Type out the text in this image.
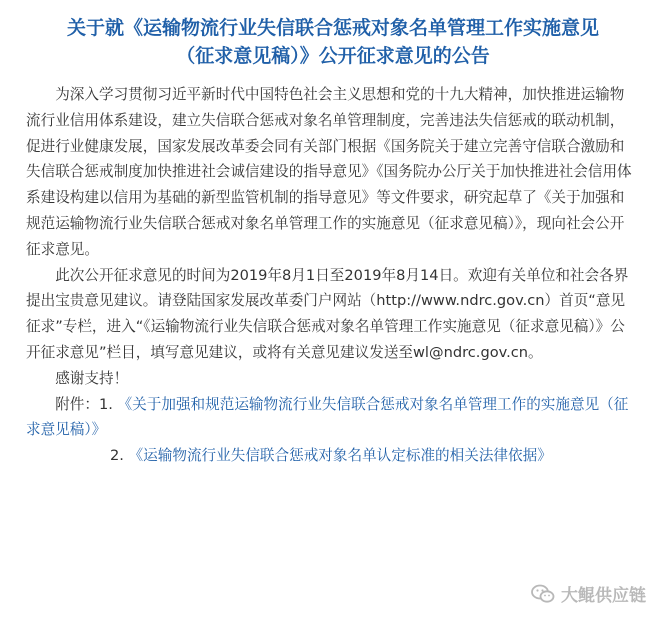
关于就《运输物流行业失信联合惩戒对象名单管理工作实施意见
（征求意见稿）》公开征求意见的公告

为深入学习贯彻习近平新时代中国特色社会主义思想和党的十九大精神，加快推进运输物流行业信用体系建设，建立失信联合惩戒对象名单管理制度，完善违法失信惩戒的联动机制，促进行业健康发展，国家发展改革委会同有关部门根据《国务院关于建立完善守信联合激励和失信联合惩戒制度加快推进社会诚信建设的指导意见》《国务院办公厅关于加快推进社会信用体系建设构建以信用为基础的新型监管机制的指导意见》等文件要求，研究起草了《关于加强和规范运输物流行业失信联合惩戒对象名单管理工作的实施意见（征求意见稿）》，现向社会公开征求意见。

此次公开征求意见的时间为2019年8月1日至2019年8月14日。欢迎有关单位和社会各界提出宝贵意见建议。请登陆国家发展改革委门户网站（http://www.ndrc.gov.cn）首页“意见征求”专栏，进入“《运输物流行业失信联合惩戒对象名单管理工作实施意见（征求意见稿）》公开征求意见”栏目，填写意见建议，或将有关意见建议发送至wl@ndrc.gov.cn。

感谢支持！

附件：1. 《关于加强和规范运输物流行业失信联合惩戒对象名单管理工作的实施意见（征求意见稿）》

2. 《运输物流行业失信联合惩戒对象名单认定标准的相关法律依据》

大鲲供应链
